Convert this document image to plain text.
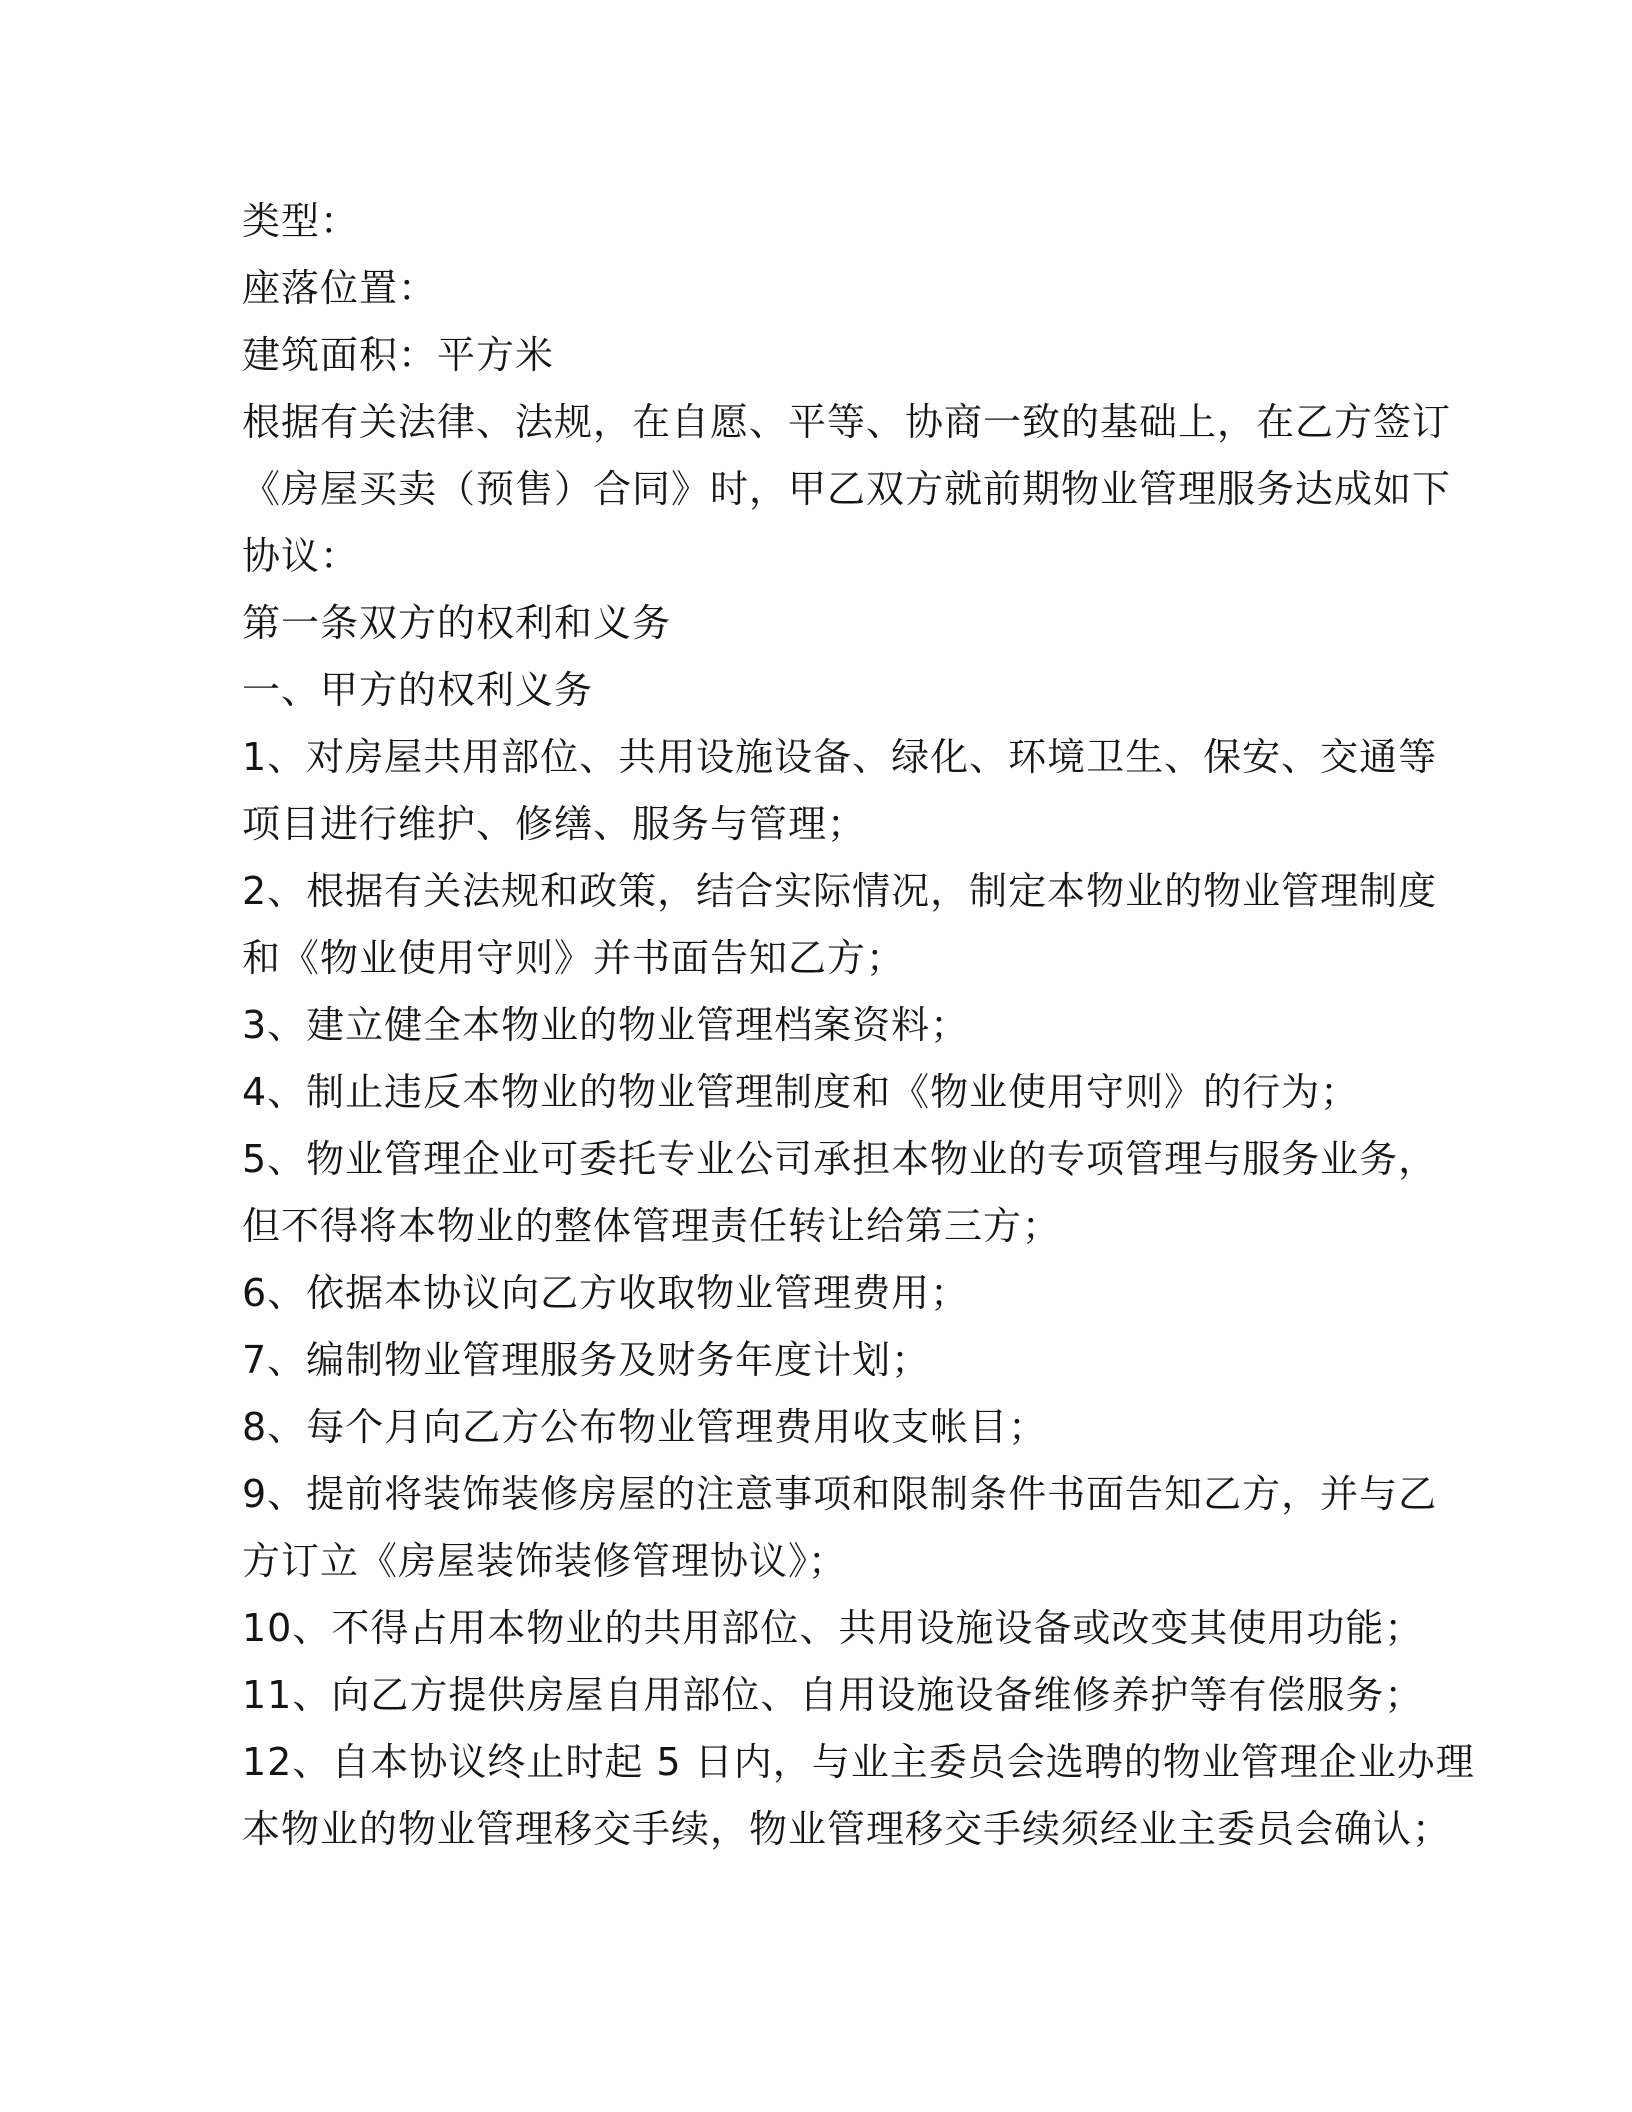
类型：
座落位置：
建筑面积：平方米
根据有关法律、法规，在自愿、平等、协商一致的基础上，在乙方签订
《房屋买卖（预售）合同》时，甲乙双方就前期物业管理服务达成如下
协议：
第一条双方的权利和义务
一、甲方的权利义务
1、对房屋共用部位、共用设施设备、绿化、环境卫生、保安、交通等
项目进行维护、修缮、服务与管理；
2、根据有关法规和政策，结合实际情况，制定本物业的物业管理制度
和《物业使用守则》并书面告知乙方；
3、建立健全本物业的物业管理档案资料；
4、制止违反本物业的物业管理制度和《物业使用守则》的行为；
5、物业管理企业可委托专业公司承担本物业的专项管理与服务业务，
但不得将本物业的整体管理责任转让给第三方；
6、依据本协议向乙方收取物业管理费用；
7、编制物业管理服务及财务年度计划；
8、每个月向乙方公布物业管理费用收支帐目；
9、提前将装饰装修房屋的注意事项和限制条件书面告知乙方，并与乙
方订立《房屋装饰装修管理协议》；
10、不得占用本物业的共用部位、共用设施设备或改变其使用功能；
11、向乙方提供房屋自用部位、自用设施设备维修养护等有偿服务；
12、自本协议终止时起 5 日内，与业主委员会选聘的物业管理企业办理
本物业的物业管理移交手续，物业管理移交手续须经业主委员会确认；
